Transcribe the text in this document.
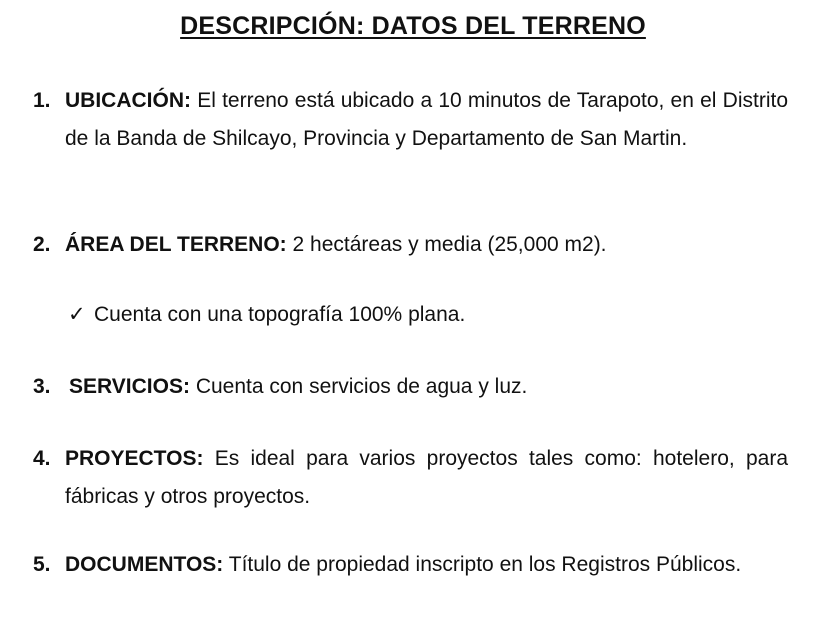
DESCRIPCIÓN: DATOS DEL TERRENO
1. UBICACIÓN: El terreno está ubicado a 10 minutos de Tarapoto, en el Distrito de la Banda de Shilcayo, Provincia y Departamento de San Martin.
2. ÁREA DEL TERRENO: 2 hectáreas y media (25,000 m2).
✓ Cuenta con una topografía 100% plana.
3. SERVICIOS: Cuenta con servicios de agua y luz.
4. PROYECTOS: Es ideal para varios proyectos tales como: hotelero, para fábricas y otros proyectos.
5. DOCUMENTOS: Título de propiedad inscripto en los Registros Públicos.
